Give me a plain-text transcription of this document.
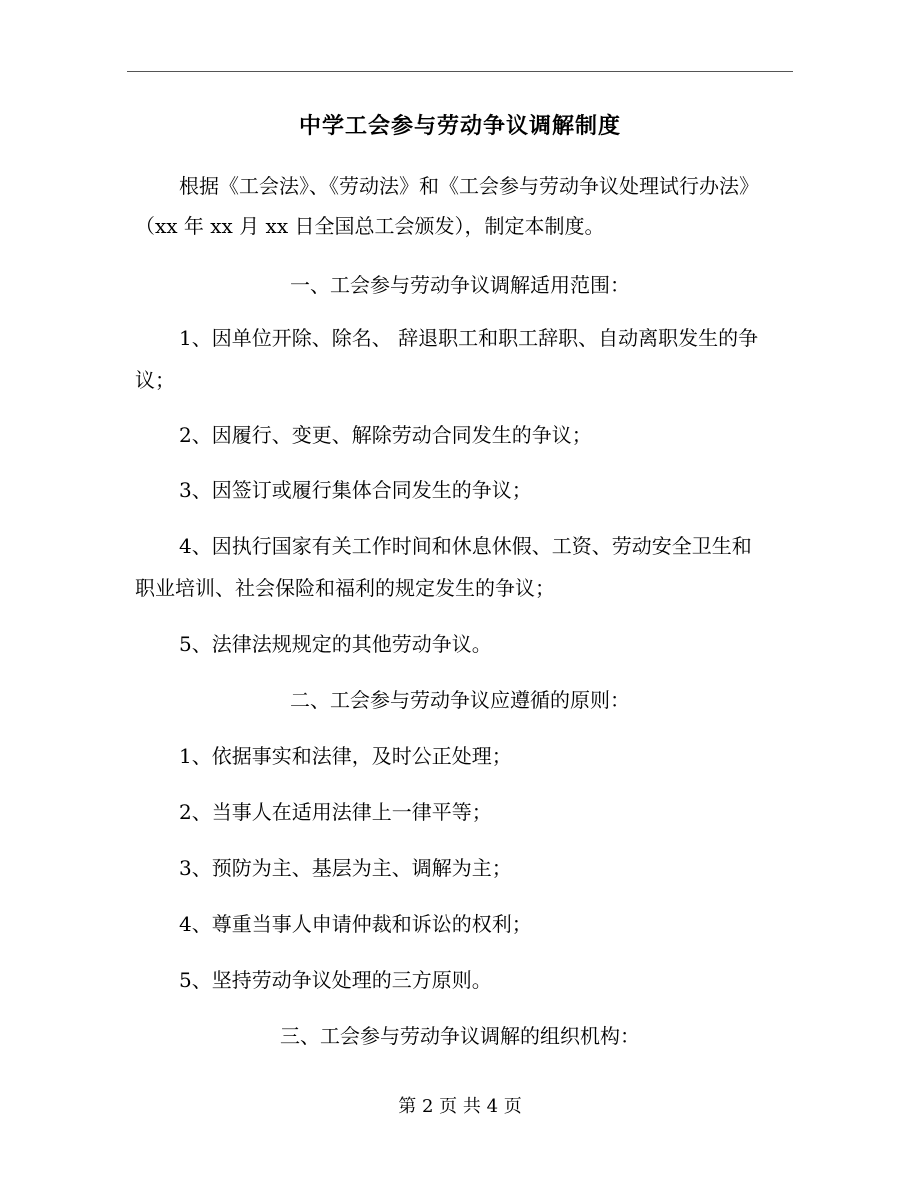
中学工会参与劳动争议调解制度
根据《工会法》、《劳动法》和《工会参与劳动争议处理试行办法》
（xx 年 xx 月 xx 日全国总工会颁发），制定本制度。
一、工会参与劳动争议调解适用范围：
1、因单位开除、除名、 辞退职工和职工辞职、自动离职发生的争
议；
2、因履行、变更、解除劳动合同发生的争议；
3、因签订或履行集体合同发生的争议；
4、因执行国家有关工作时间和休息休假、工资、劳动安全卫生和
职业培训、社会保险和福利的规定发生的争议；
5、法律法规规定的其他劳动争议。
二、工会参与劳动争议应遵循的原则：
1、依据事实和法律，及时公正处理；
2、当事人在适用法律上一律平等；
3、预防为主、基层为主、调解为主；
4、尊重当事人申请仲裁和诉讼的权利；
5、坚持劳动争议处理的三方原则。
三、工会参与劳动争议调解的组织机构：
第 2 页 共 4 页
